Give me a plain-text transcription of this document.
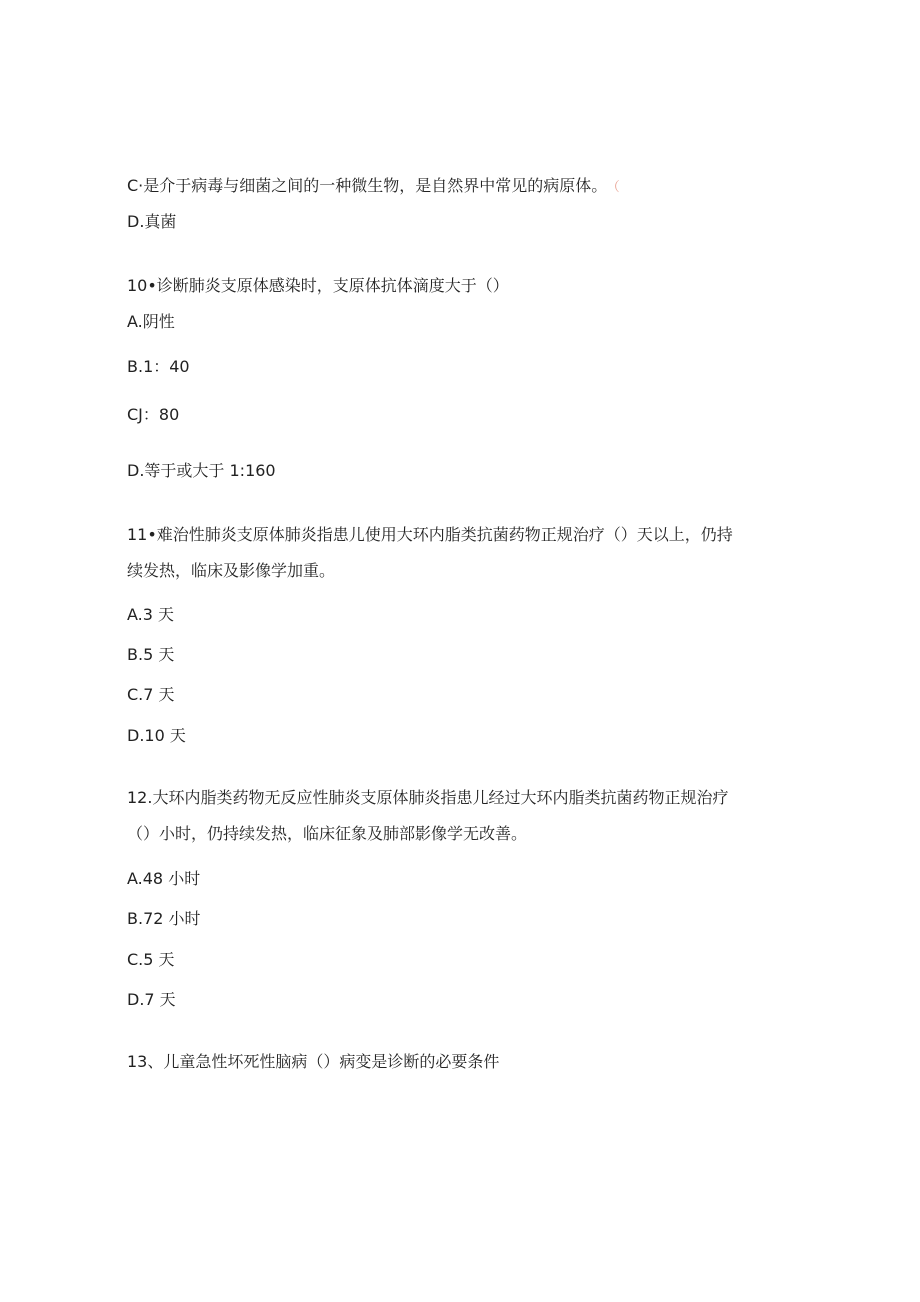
C·是介于病毒与细菌之间的一种微生物，是自然界中常见的病原体。 （
D.真菌
10•诊断肺炎支原体感染时，支原体抗体滴度大于（）
A.阴性
B.1：40
CJ：80
D.等于或大于 1:160
11•难治性肺炎支原体肺炎指患儿使用大环内脂类抗菌药物正规治疗（）天以上，仍持
续发热，临床及影像学加重。
A.3 天
B.5 天
C.7 天
D.10 天
12.大环内脂类药物无反应性肺炎支原体肺炎指患儿经过大环内脂类抗菌药物正规治疗
（）小时，仍持续发热，临床征象及肺部影像学无改善。
A.48 小时
B.72 小时
C.5 天
D.7 天
13、儿童急性坏死性脑病（）病变是诊断的必要条件
